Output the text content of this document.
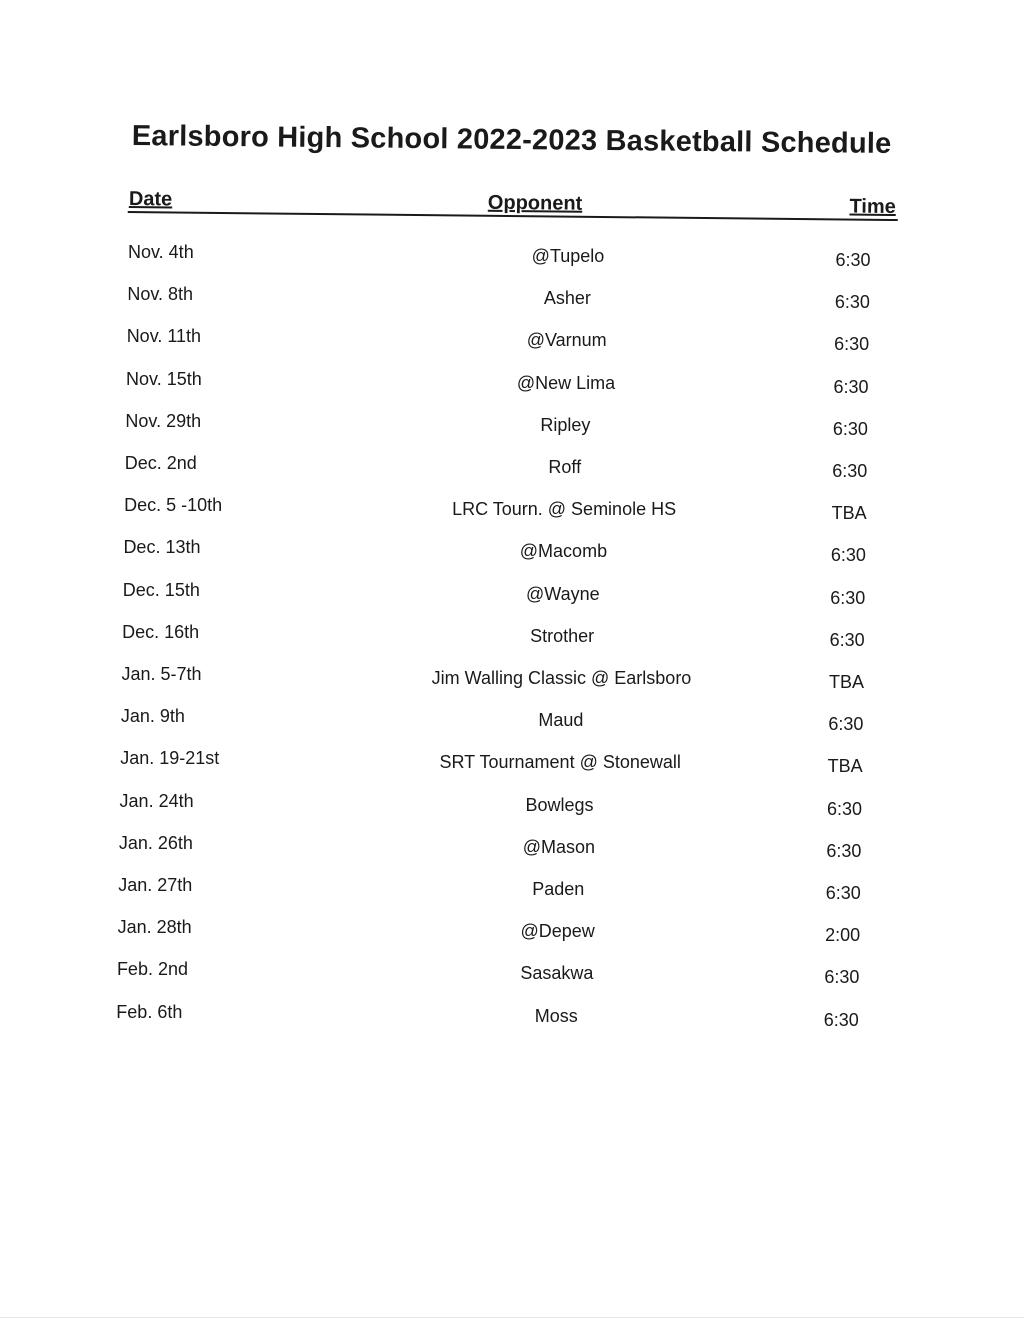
Earlsboro High School 2022-2023 Basketball Schedule
Date	Opponent	Time
Nov. 4th	@Tupelo	6:30
Nov. 8th	Asher	6:30
Nov. 11th	@Varnum	6:30
Nov. 15th	@New Lima	6:30
Nov. 29th	Ripley	6:30
Dec. 2nd	Roff	6:30
Dec. 5 -10th	LRC Tourn. @ Seminole HS	TBA
Dec. 13th	@Macomb	6:30
Dec. 15th	@Wayne	6:30
Dec. 16th	Strother	6:30
Jan. 5-7th	Jim Walling Classic @ Earlsboro	TBA
Jan. 9th	Maud	6:30
Jan. 19-21st	SRT Tournament @ Stonewall	TBA
Jan. 24th	Bowlegs	6:30
Jan. 26th	@Mason	6:30
Jan. 27th	Paden	6:30
Jan. 28th	@Depew	2:00
Feb. 2nd	Sasakwa	6:30
Feb. 6th	Moss	6:30
